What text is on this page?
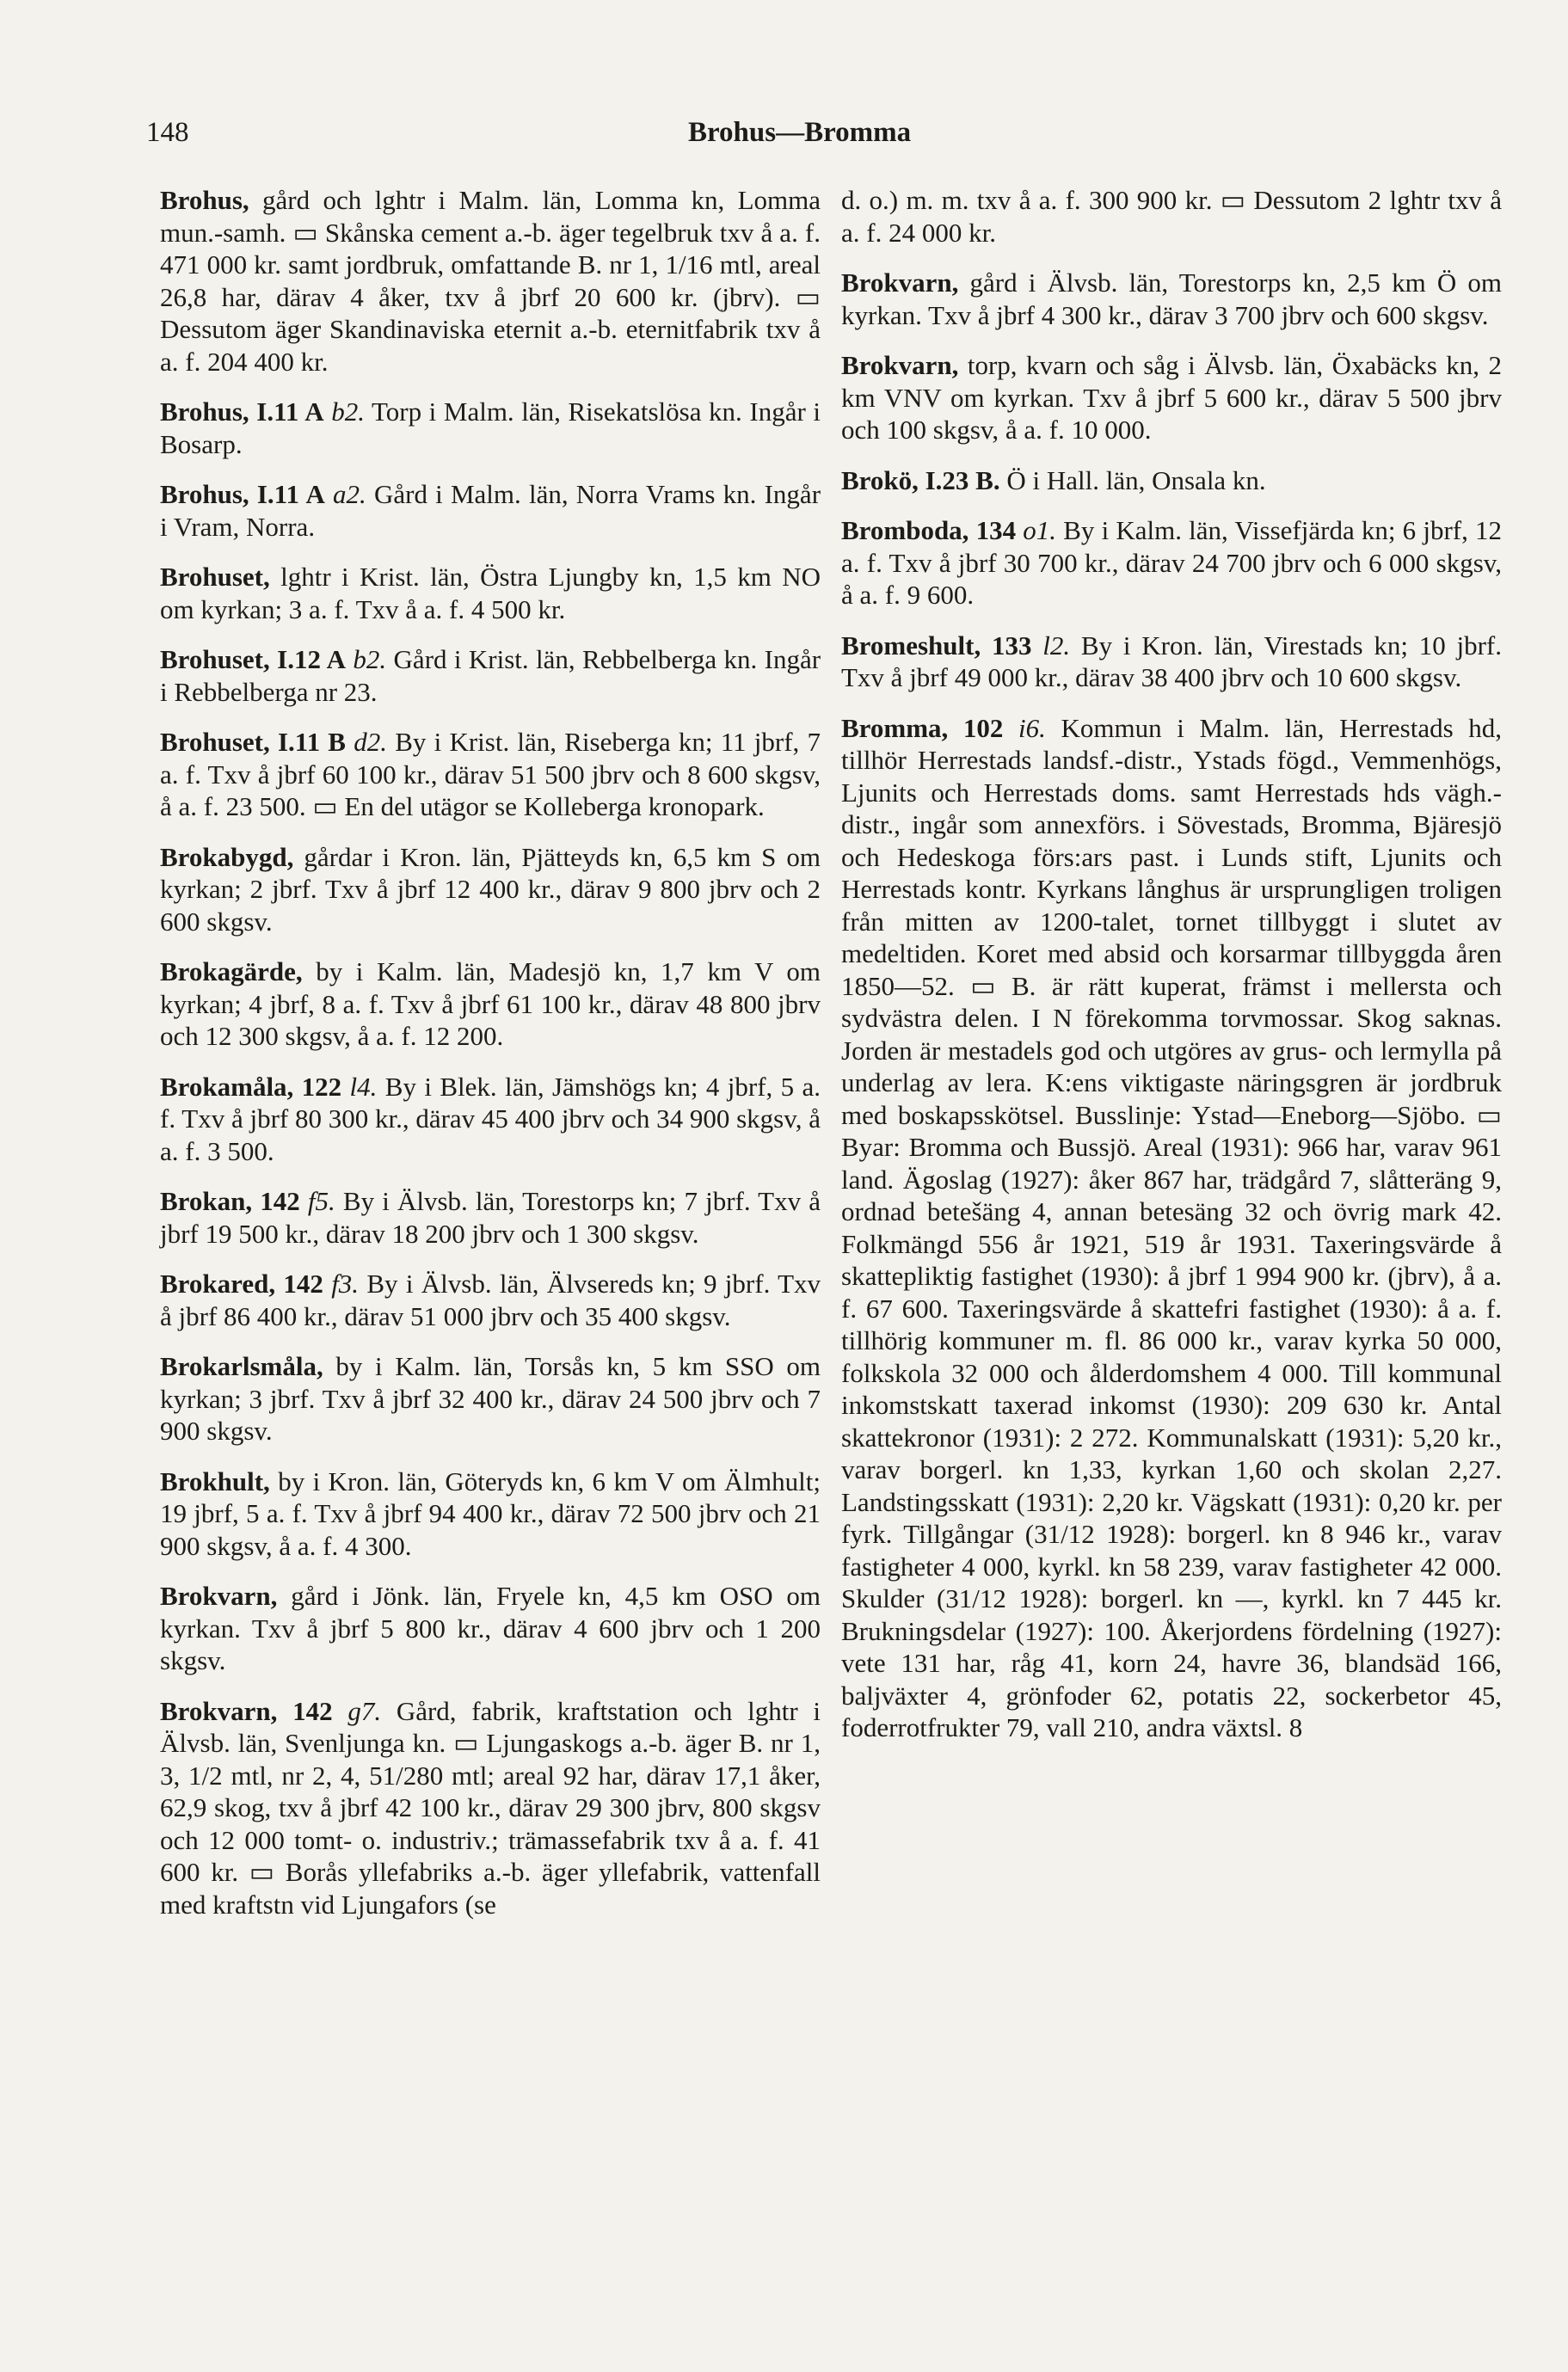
148	Brohus—Bromma

Brohus, gård och lghtr i Malm. län, Lomma kn, Lomma mun.-samh. ▭ Skånska cement a.-b. äger tegelbruk txv å a. f. 471 000 kr. samt jordbruk, omfattande B. nr 1, 1/16 mtl, areal 26,8 har, därav 4 åker, txv å jbrf 20 600 kr. (jbrv). ▭ Dessutom äger Skandinaviska eternit a.-b. eternitfabrik txv å a. f. 204 400 kr.

Brohus, I.11 A b2. Torp i Malm. län, Risekatslösa kn. Ingår i Bosarp.

Brohus, I.11 A a2. Gård i Malm. län, Norra Vrams kn. Ingår i Vram, Norra.

Brohuset, lghtr i Krist. län, Östra Ljungby kn, 1,5 km NO om kyrkan; 3 a. f. Txv å a. f. 4 500 kr.

Brohuset, I.12 A b2. Gård i Krist. län, Rebbelberga kn. Ingår i Rebbelberga nr 23.

Brohuset, I.11 B d2. By i Krist. län, Riseberga kn; 11 jbrf, 7 a. f. Txv å jbrf 60 100 kr., därav 51 500 jbrv och 8 600 skgsv, å a. f. 23 500. ▭ En del utägor se Kolleberga kronopark.

Brokabygd, gårdar i Kron. län, Pjätteyds kn, 6,5 km S om kyrkan; 2 jbrf. Txv å jbrf 12 400 kr., därav 9 800 jbrv och 2 600 skgsv.

Brokagärde, by i Kalm. län, Madesjö kn, 1,7 km V om kyrkan; 4 jbrf, 8 a. f. Txv å jbrf 61 100 kr., därav 48 800 jbrv och 12 300 skgsv, å a. f. 12 200.

Brokamåla, 122 l4. By i Blek. län, Jämshögs kn; 4 jbrf, 5 a. f. Txv å jbrf 80 300 kr., därav 45 400 jbrv och 34 900 skgsv, å a. f. 3 500.

Brokan, 142 f5. By i Älvsb. län, Torestorps kn; 7 jbrf. Txv å jbrf 19 500 kr., därav 18 200 jbrv och 1 300 skgsv.

Brokared, 142 f3. By i Älvsb. län, Älvsereds kn; 9 jbrf. Txv å jbrf 86 400 kr., därav 51 000 jbrv och 35 400 skgsv.

Brokarlsmåla, by i Kalm. län, Torsås kn, 5 km SSO om kyrkan; 3 jbrf. Txv å jbrf 32 400 kr., därav 24 500 jbrv och 7 900 skgsv.

Brokhult, by i Kron. län, Göteryds kn, 6 km V om Älmhult; 19 jbrf, 5 a. f. Txv å jbrf 94 400 kr., därav 72 500 jbrv och 21 900 skgsv, å a. f. 4 300.

Brokvarn, gård i Jönk. län, Fryele kn, 4,5 km OSO om kyrkan. Txv å jbrf 5 800 kr., därav 4 600 jbrv och 1 200 skgsv.

Brokvarn, 142 g7. Gård, fabrik, kraftstation och lghtr i Älvsb. län, Svenljunga kn. ▭ Ljungaskogs a.-b. äger B. nr 1, 3, 1/2 mtl, nr 2, 4, 51/280 mtl; areal 92 har, därav 17,1 åker, 62,9 skog, txv å jbrf 42 100 kr., därav 29 300 jbrv, 800 skgsv och 12 000 tomt- o. industriv.; trämassefabrik txv å a. f. 41 600 kr. ▭ Borås yllefabriks a.-b. äger yllefabrik, vattenfall med kraftstn vid Ljungafors (se

d. o.) m. m. txv å a. f. 300 900 kr. ▭ Dessutom 2 lghtr txv å a. f. 24 000 kr.

Brokvarn, gård i Älvsb. län, Torestorps kn, 2,5 km Ö om kyrkan. Txv å jbrf 4 300 kr., därav 3 700 jbrv och 600 skgsv.

Brokvarn, torp, kvarn och såg i Älvsb. län, Öxabäcks kn, 2 km VNV om kyrkan. Txv å jbrf 5 600 kr., därav 5 500 jbrv och 100 skgsv, å a. f. 10 000.

Brokö, I.23 B. Ö i Hall. län, Onsala kn.

Bromboda, 134 o1. By i Kalm. län, Vissefjärda kn; 6 jbrf, 12 a. f. Txv å jbrf 30 700 kr., därav 24 700 jbrv och 6 000 skgsv, å a. f. 9 600.

Bromeshult, 133 l2. By i Kron. län, Virestads kn; 10 jbrf. Txv å jbrf 49 000 kr., därav 38 400 jbrv och 10 600 skgsv.

Bromma, 102 i6. Kommun i Malm. län, Herrestads hd, tillhör Herrestads landsf.-distr., Ystads fögd., Vemmenhögs, Ljunits och Herrestads doms. samt Herrestads hds vägh.-distr., ingår som annexförs. i Sövestads, Bromma, Bjäresjö och Hedeskoga förs:ars past. i Lunds stift, Ljunits och Herrestads kontr. Kyrkans långhus är ursprungligen troligen från mitten av 1200-talet, tornet tillbyggt i slutet av medeltiden. Koret med absid och korsarmar tillbyggda åren 1850—52. ▭ B. är rätt kuperat, främst i mellersta och sydvästra delen. I N förekomma torvmossar. Skog saknas. Jorden är mestadels god och utgöres av grus- och lermylla på underlag av lera. K:ens viktigaste näringsgren är jordbruk med boskapsskötsel. Busslinje: Ystad—Eneborg—Sjöbo. ▭ Byar: Bromma och Bussjö. Areal (1931): 966 har, varav 961 land. Ägoslag (1927): åker 867 har, trädgård 7, slåtteräng 9, ordnad betešäng 4, annan betesäng 32 och övrig mark 42. Folkmängd 556 år 1921, 519 år 1931. Taxeringsvärde å skattepliktig fastighet (1930): å jbrf 1 994 900 kr. (jbrv), å a. f. 67 600. Taxeringsvärde å skattefri fastighet (1930): å a. f. tillhörig kommuner m. fl. 86 000 kr., varav kyrka 50 000, folkskola 32 000 och ålderdomshem 4 000. Till kommunal inkomstskatt taxerad inkomst (1930): 209 630 kr. Antal skattekronor (1931): 2 272. Kommunalskatt (1931): 5,20 kr., varav borgerl. kn 1,33, kyrkan 1,60 och skolan 2,27. Landstingsskatt (1931): 2,20 kr. Vägskatt (1931): 0,20 kr. per fyrk. Tillgångar (31/12 1928): borgerl. kn 8 946 kr., varav fastigheter 4 000, kyrkl. kn 58 239, varav fastigheter 42 000. Skulder (31/12 1928): borgerl. kn —, kyrkl. kn 7 445 kr. Brukningsdelar (1927): 100. Åkerjordens fördelning (1927): vete 131 har, råg 41, korn 24, havre 36, blandsäd 166, baljväxter 4, grönfoder 62, potatis 22, sockerbetor 45, foderrotfrukter 79, vall 210, andra växtsl. 8
